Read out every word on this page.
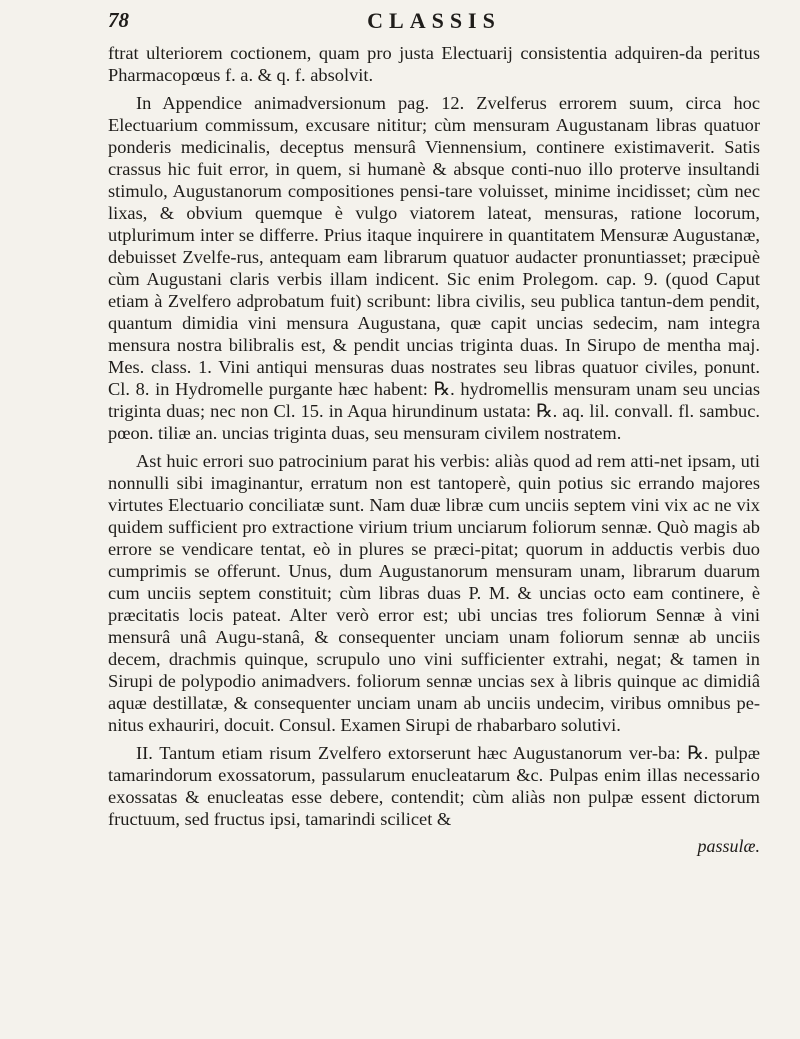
78	CLASSIS

ftrat ulteriorem coctionem, quam pro justa Electuarij consistentia adquiren-da peritus Pharmacopœus f. a. & q. f. absolvit.

In Appendice animadversionum pag. 12. Zvelferus errorem suum, circa hoc Electuarium commissum, excusare nititur; cùm mensuram Augustanam libras quatuor ponderis medicinalis, deceptus mensurâ Viennensium, continere existimaverit. Satis crassus hic fuit error, in quem, si humanè & absque conti-nuo illo proterve insultandi stimulo, Augustanorum compositiones pensi-tare voluisset, minime incidisset; cùm nec lixas, & obvium quemque è vulgo viatorem lateat, mensuras, ratione locorum, utplurimum inter se differre. Prius itaque inquirere in quantitatem Mensuræ Augustanæ, debuisset Zvelfe-rus, antequam eam librarum quatuor audacter pronuntiasset; præcipuè cùm Augustani claris verbis illam indicent. Sic enim Prolegom. cap. 9. (quod Caput etiam à Zvelfero adprobatum fuit) scribunt: libra civilis, seu publica tantun-dem pendit, quantum dimidia vini mensura Augustana, quæ capit uncias sedecim, nam integra mensura nostra bilibralis est, & pendit uncias triginta duas. In Sirupo de mentha maj. Mes. class. 1. Vini antiqui mensuras duas nostrates seu libras quatuor civiles, ponunt. Cl. 8. in Hydromelle purgante hæc habent: ℞. hydromellis mensuram unam seu uncias triginta duas; nec non Cl. 15. in Aqua hirundinum ustata: ℞. aq. lil. convall. fl. sambuc. pœon. tiliæ an. uncias triginta duas, seu mensuram civilem nostratem.

Ast huic errori suo patrocinium parat his verbis: aliàs quod ad rem atti-net ipsam, uti nonnulli sibi imaginantur, erratum non est tantoperè, quin potius sic errando majores virtutes Electuario conciliatæ sunt. Nam duæ libræ cum unciis septem vini vix ac ne vix quidem sufficient pro extractione virium trium unciarum foliorum sennæ. Quò magis ab errore se vendicare tentat, eò in plures se præci-pitat; quorum in adductis verbis duo cumprimis se offerunt. Unus, dum Augustanorum mensuram unam, librarum duarum cum unciis septem constituit; cùm libras duas P. M. & uncias octo eam continere, è præcitatis locis pateat. Alter verò error est; ubi uncias tres foliorum Sennæ à vini mensurâ unâ Augu-stanâ, & consequenter unciam unam foliorum sennæ ab unciis decem, drachmis quinque, scrupulo uno vini sufficienter extrahi, negat; & tamen in Sirupi de polypodio animadvers. foliorum sennæ uncias sex à libris quinque ac dimidiâ aquæ destillatæ, & consequenter unciam unam ab unciis undecim, viribus omnibus pe-nitus exhauriri, docuit. Consul. Examen Sirupi de rhabarbaro solutivi.

II. Tantum etiam risum Zvelfero extorserunt hæc Augustanorum ver-ba: ℞. pulpæ tamarindorum exossatorum, passularum enucleatarum &c. Pulpas enim illas necessario exossatas & enucleatas esse debere, contendit; cùm aliàs non pulpæ essent dictorum fructuum, sed fructus ipsi, tamarindi scilicet &

passulæ.
